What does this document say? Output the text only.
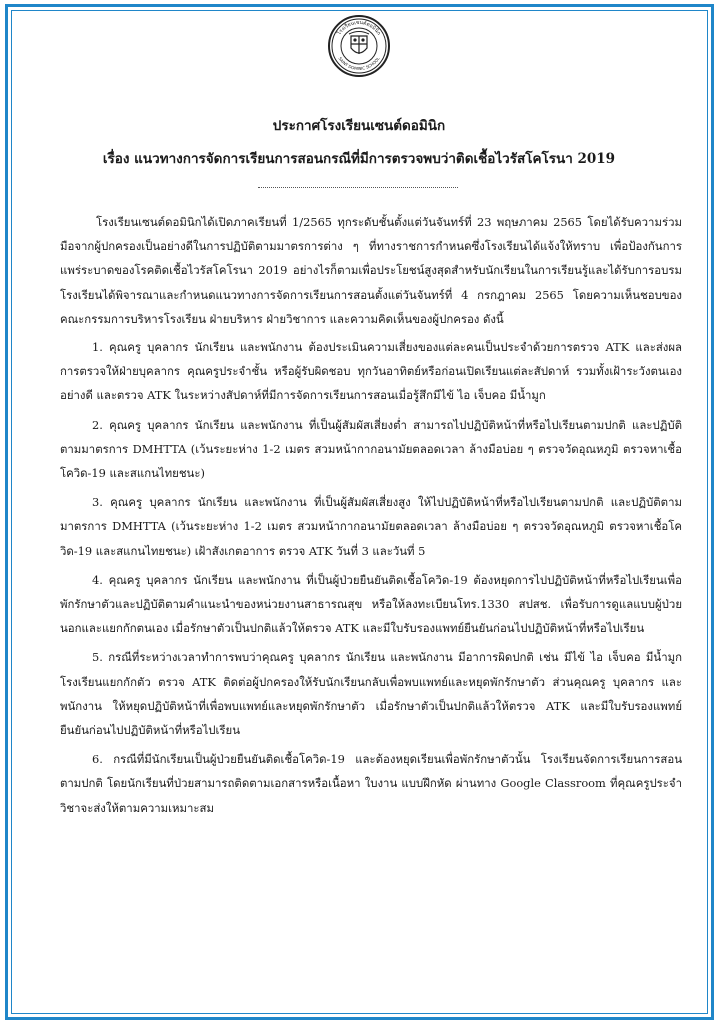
โรงเรียนเซนต์ดอมินิก
SAINT DOMINIC SCHOOL
ประกาศโรงเรียนเซนต์ดอมินิก
เรื่อง แนวทางการจัดการเรียนการสอนกรณีที่มีการตรวจพบว่าติดเชื้อไวรัสโคโรนา 2019

โรงเรียนเซนต์ดอมินิกได้เปิดภาคเรียนที่ 1/2565 ทุกระดับชั้นตั้งแต่วันจันทร์ที่ 23 พฤษภาคม 2565 โดยได้รับความร่วมมือจากผู้ปกครองเป็นอย่างดีในการปฏิบัติตามมาตรการต่าง ๆ ที่ทางราชการกำหนดซึ่งโรงเรียนได้แจ้งให้ทราบ เพื่อป้องกันการแพร่ระบาดของโรคติดเชื้อไวรัสโคโรนา 2019 อย่างไรก็ตามเพื่อประโยชน์สูงสุดสำหรับนักเรียนในการเรียนรู้และได้รับการอบรม โรงเรียนได้พิจารณาและกำหนดแนวทางการจัดการเรียนการสอนตั้งแต่วันจันทร์ที่ 4 กรกฎาคม 2565 โดยความเห็นชอบของคณะกรรมการบริหารโรงเรียน ฝ่ายบริหาร ฝ่ายวิชาการ และความคิดเห็นของผู้ปกครอง ดังนี้

1. คุณครู บุคลากร นักเรียน และพนักงาน ต้องประเมินความเสี่ยงของแต่ละคนเป็นประจำด้วยการตรวจ ATK และส่งผลการตรวจให้ฝ่ายบุคลากร คุณครูประจำชั้น หรือผู้รับผิดชอบ ทุกวันอาทิตย์หรือก่อนเปิดเรียนแต่ละสัปดาห์ รวมทั้งเฝ้าระวังตนเองอย่างดี และตรวจ ATK ในระหว่างสัปดาห์ที่มีการจัดการเรียนการสอนเมื่อรู้สึกมีไข้ ไอ เจ็บคอ มีน้ำมูก

2. คุณครู บุคลากร นักเรียน และพนักงาน ที่เป็นผู้สัมผัสเสี่ยงต่ำ สามารถไปปฏิบัติหน้าที่หรือไปเรียนตามปกติ และปฏิบัติตามมาตรการ DMHTTA (เว้นระยะห่าง 1-2 เมตร สวมหน้ากากอนามัยตลอดเวลา ล้างมือบ่อย ๆ ตรวจวัดอุณหภูมิ ตรวจหาเชื้อโควิด-19 และสแกนไทยชนะ)

3. คุณครู บุคลากร นักเรียน และพนักงาน ที่เป็นผู้สัมผัสเสี่ยงสูง ให้ไปปฏิบัติหน้าที่หรือไปเรียนตามปกติ และปฏิบัติตามมาตรการ DMHTTA (เว้นระยะห่าง 1-2 เมตร สวมหน้ากากอนามัยตลอดเวลา ล้างมือบ่อย ๆ ตรวจวัดอุณหภูมิ ตรวจหาเชื้อโควิด-19 และสแกนไทยชนะ) เฝ้าสังเกตอาการ ตรวจ ATK วันที่ 3 และวันที่ 5

4. คุณครู บุคลากร นักเรียน และพนักงาน ที่เป็นผู้ป่วยยืนยันติดเชื้อโควิด-19 ต้องหยุดการไปปฏิบัติหน้าที่หรือไปเรียนเพื่อพักรักษาตัวและปฏิบัติตามคำแนะนำของหน่วยงานสาธารณสุข หรือให้ลงทะเบียนโทร.1330 สปสช. เพื่อรับการดูแลแบบผู้ป่วยนอกและแยกกักตนเอง เมื่อรักษาตัวเป็นปกติแล้วให้ตรวจ ATK และมีใบรับรองแพทย์ยืนยันก่อนไปปฏิบัติหน้าที่หรือไปเรียน

5. กรณีที่ระหว่างเวลาทำการพบว่าคุณครู บุคลากร นักเรียน และพนักงาน มีอาการผิดปกติ เช่น มีไข้ ไอ เจ็บคอ มีน้ำมูก โรงเรียนแยกกักตัว ตรวจ ATK ติดต่อผู้ปกครองให้รับนักเรียนกลับเพื่อพบแพทย์และหยุดพักรักษาตัว ส่วนคุณครู บุคลากร และพนักงาน ให้หยุดปฏิบัติหน้าที่เพื่อพบแพทย์และหยุดพักรักษาตัว เมื่อรักษาตัวเป็นปกติแล้วให้ตรวจ ATK และมีใบรับรองแพทย์ยืนยันก่อนไปปฏิบัติหน้าที่หรือไปเรียน

6. กรณีที่มีนักเรียนเป็นผู้ป่วยยืนยันติดเชื้อโควิด-19 และต้องหยุดเรียนเพื่อพักรักษาตัวนั้น โรงเรียนจัดการเรียนการสอนตามปกติ โดยนักเรียนที่ป่วยสามารถติดตามเอกสารหรือเนื้อหา ใบงาน แบบฝึกหัด ผ่านทาง Google Classroom ที่คุณครูประจำวิชาจะส่งให้ตามความเหมาะสม
